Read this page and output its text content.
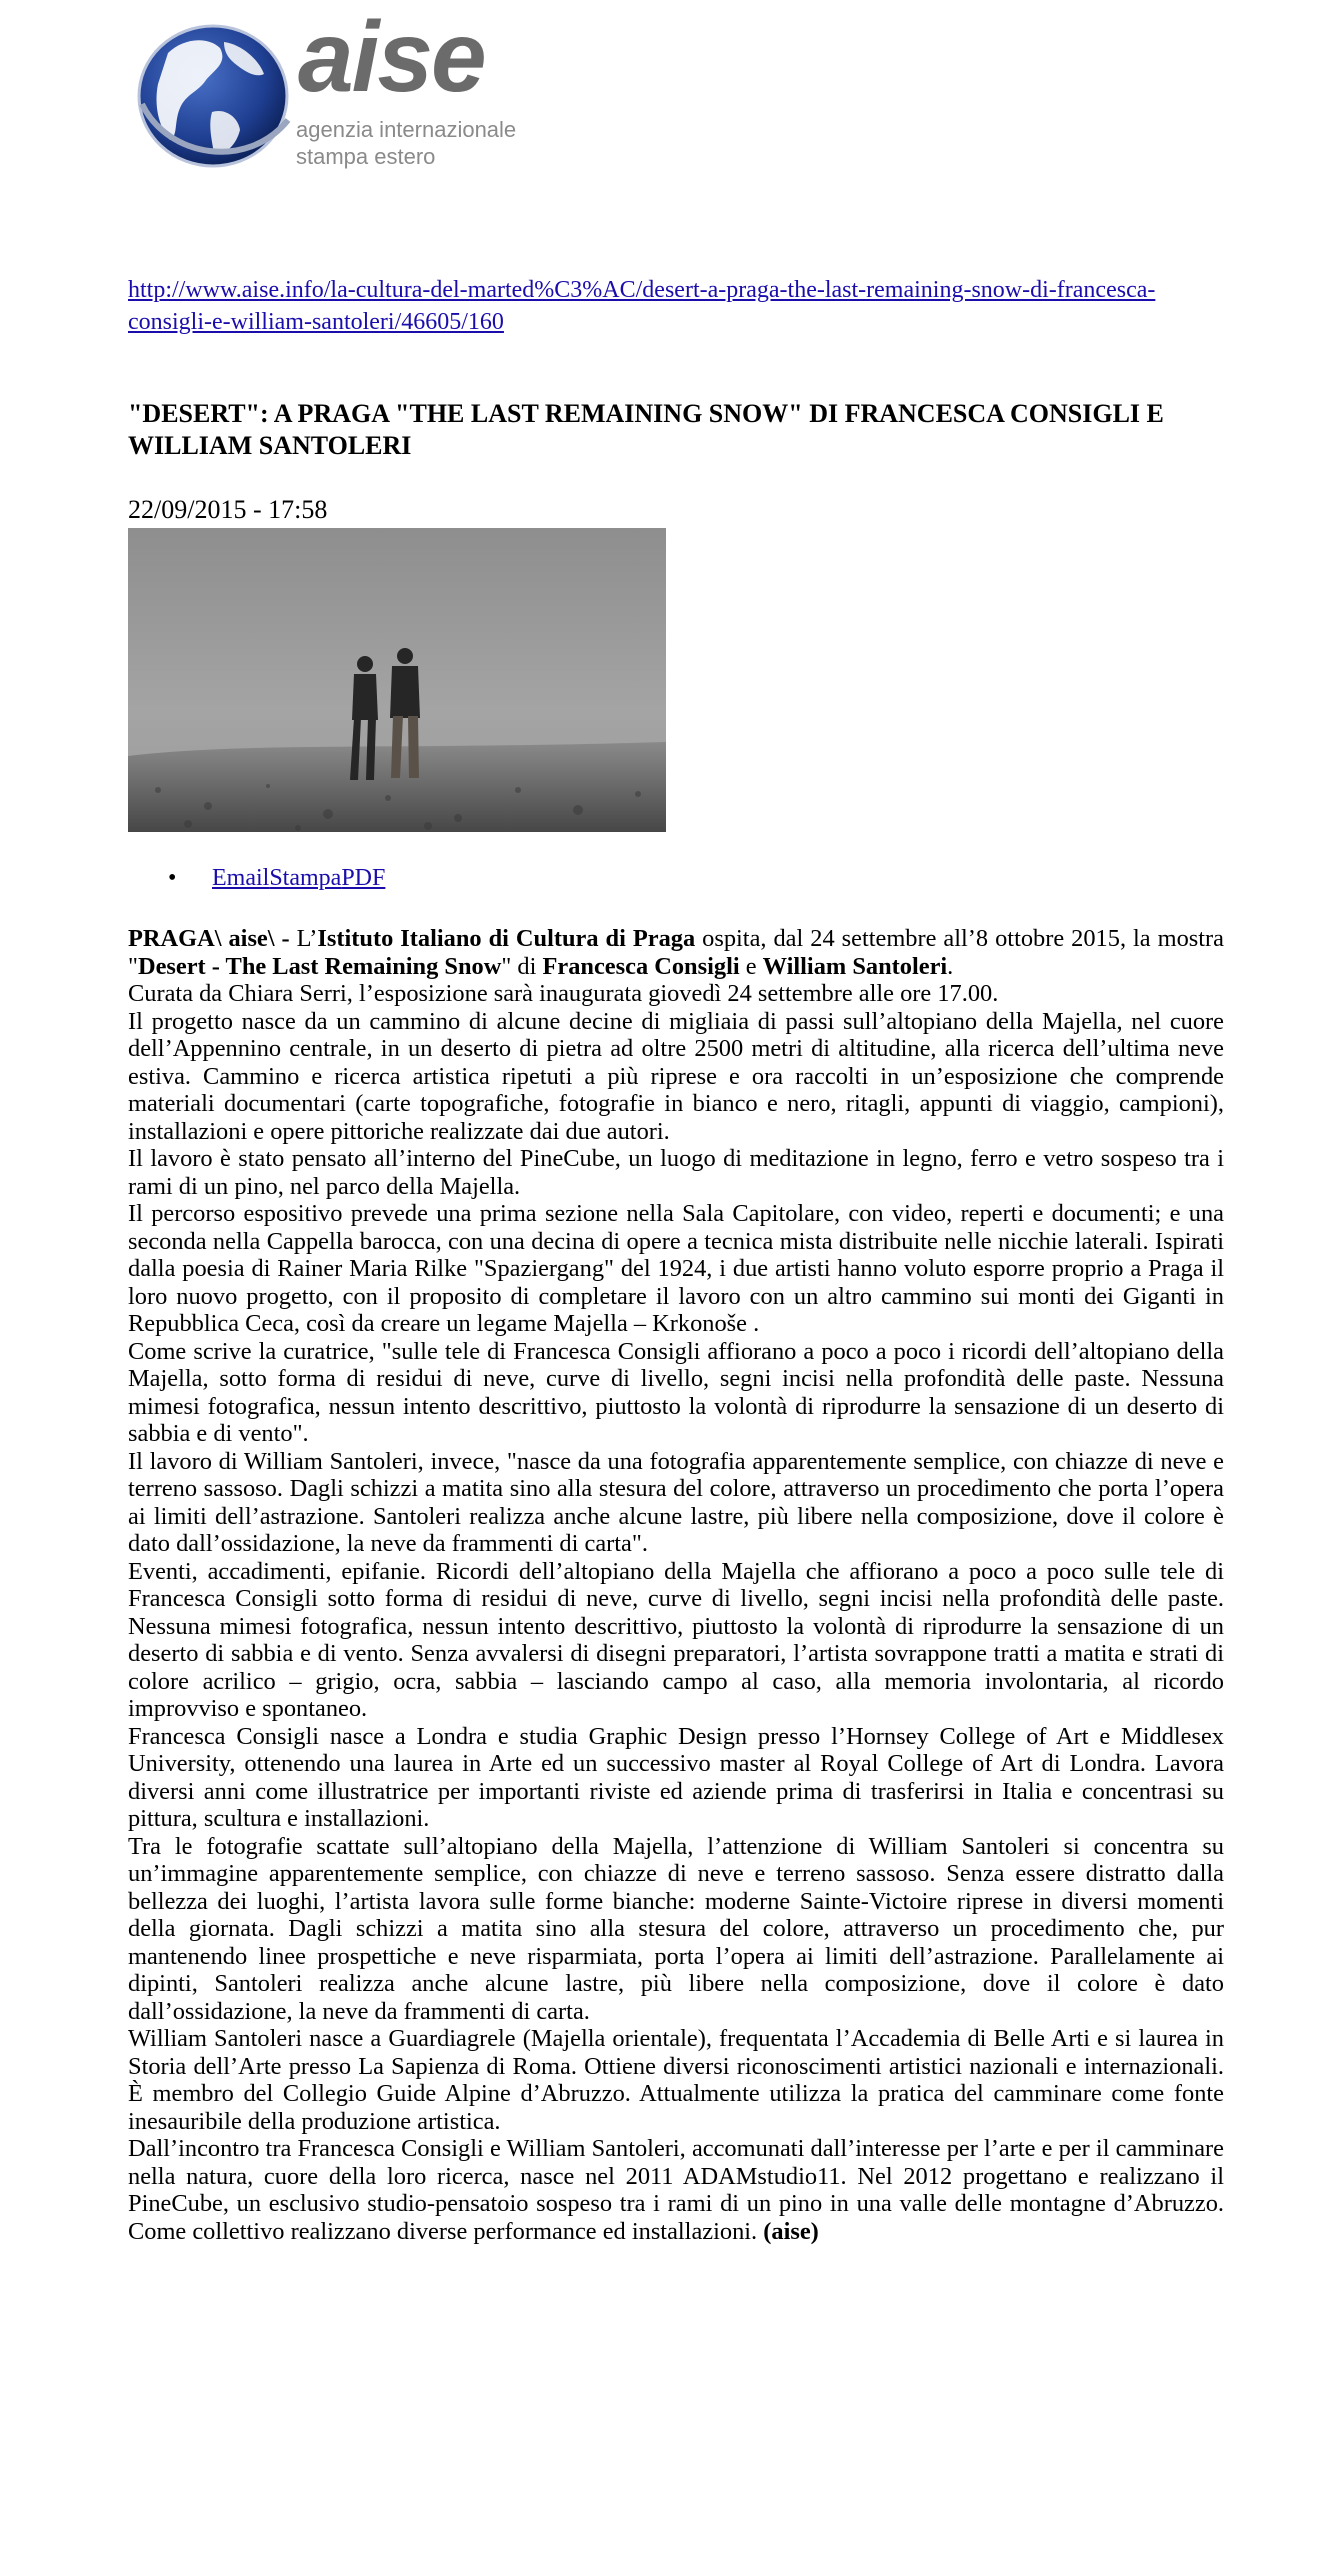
aise
agenzia internazionale
stampa estero
http://www.aise.info/la-cultura-del-marted%C3%AC/desert-a-praga-the-last-remaining-snow-di-francesca-consigli-e-william-santoleri/46605/160
"DESERT": A PRAGA "THE LAST REMAINING SNOW" DI FRANCESCA CONSIGLI E WILLIAM SANTOLERI
22/09/2015 - 17:58
• EmailStampaPDF

PRAGA\ aise\ - L’Istituto Italiano di Cultura di Praga ospita, dal 24 settembre all’8 ottobre 2015, la mostra "Desert - The Last Remaining Snow" di Francesca Consigli e William Santoleri.

Curata da Chiara Serri, l’esposizione sarà inaugurata giovedì 24 settembre alle ore 17.00.

Il progetto nasce da un cammino di alcune decine di migliaia di passi sull’altopiano della Majella, nel cuore dell’Appennino centrale, in un deserto di pietra ad oltre 2500 metri di altitudine, alla ricerca dell’ultima neve estiva. Cammino e ricerca artistica ripetuti a più riprese e ora raccolti in un’esposizione che comprende materiali documentari (carte topografiche, fotografie in bianco e nero, ritagli, appunti di viaggio, campioni), installazioni e opere pittoriche realizzate dai due autori.

Il lavoro è stato pensato all’interno del PineCube, un luogo di meditazione in legno, ferro e vetro sospeso tra i rami di un pino, nel parco della Majella.

Il percorso espositivo prevede una prima sezione nella Sala Capitolare, con video, reperti e documenti; e una seconda nella Cappella barocca, con una decina di opere a tecnica mista distribuite nelle nicchie laterali. Ispirati dalla poesia di Rainer Maria Rilke "Spaziergang" del 1924, i due artisti hanno voluto esporre proprio a Praga il loro nuovo progetto, con il proposito di completare il lavoro con un altro cammino sui monti dei Giganti in Repubblica Ceca, così da creare un legame Majella – Krkonoše .

Come scrive la curatrice, "sulle tele di Francesca Consigli affiorano a poco a poco i ricordi dell’altopiano della Majella, sotto forma di residui di neve, curve di livello, segni incisi nella profondità delle paste. Nessuna mimesi fotografica, nessun intento descrittivo, piuttosto la volontà di riprodurre la sensazione di un deserto di sabbia e di vento".

Il lavoro di William Santoleri, invece, "nasce da una fotografia apparentemente semplice, con chiazze di neve e terreno sassoso. Dagli schizzi a matita sino alla stesura del colore, attraverso un procedimento che porta l’opera ai limiti dell’astrazione. Santoleri realizza anche alcune lastre, più libere nella composizione, dove il colore è dato dall’ossidazione, la neve da frammenti di carta".

Eventi, accadimenti, epifanie. Ricordi dell’altopiano della Majella che affiorano a poco a poco sulle tele di Francesca Consigli sotto forma di residui di neve, curve di livello, segni incisi nella profondità delle paste. Nessuna mimesi fotografica, nessun intento descrittivo, piuttosto la volontà di riprodurre la sensazione di un deserto di sabbia e di vento. Senza avvalersi di disegni preparatori, l’artista sovrappone tratti a matita e strati di colore acrilico – grigio, ocra, sabbia – lasciando campo al caso, alla memoria involontaria, al ricordo improvviso e spontaneo.

Francesca Consigli nasce a Londra e studia Graphic Design presso l’Hornsey College of Art e Middlesex University, ottenendo una laurea in Arte ed un successivo master al Royal College of Art di Londra. Lavora diversi anni come illustratrice per importanti riviste ed aziende prima di trasferirsi in Italia e concentrasi su pittura, scultura e installazioni.

Tra le fotografie scattate sull’altopiano della Majella, l’attenzione di William Santoleri si concentra su un’immagine apparentemente semplice, con chiazze di neve e terreno sassoso. Senza essere distratto dalla bellezza dei luoghi, l’artista lavora sulle forme bianche: moderne Sainte-Victoire riprese in diversi momenti della giornata. Dagli schizzi a matita sino alla stesura del colore, attraverso un procedimento che, pur mantenendo linee prospettiche e neve risparmiata, porta l’opera ai limiti dell’astrazione. Parallelamente ai dipinti, Santoleri realizza anche alcune lastre, più libere nella composizione, dove il colore è dato dall’ossidazione, la neve da frammenti di carta.

William Santoleri nasce a Guardiagrele (Majella orientale), frequentata l’Accademia di Belle Arti e si laurea in Storia dell’Arte presso La Sapienza di Roma. Ottiene diversi riconoscimenti artistici nazionali e internazionali. È membro del Collegio Guide Alpine d’Abruzzo. Attualmente utilizza la pratica del camminare come fonte inesauribile della produzione artistica.

Dall’incontro tra Francesca Consigli e William Santoleri, accomunati dall’interesse per l’arte e per il camminare nella natura, cuore della loro ricerca, nasce nel 2011 ADAMstudio11. Nel 2012 progettano e realizzano il PineCube, un esclusivo studio-pensatoio sospeso tra i rami di un pino in una valle delle montagne d’Abruzzo. Come collettivo realizzano diverse performance ed installazioni. (aise)
